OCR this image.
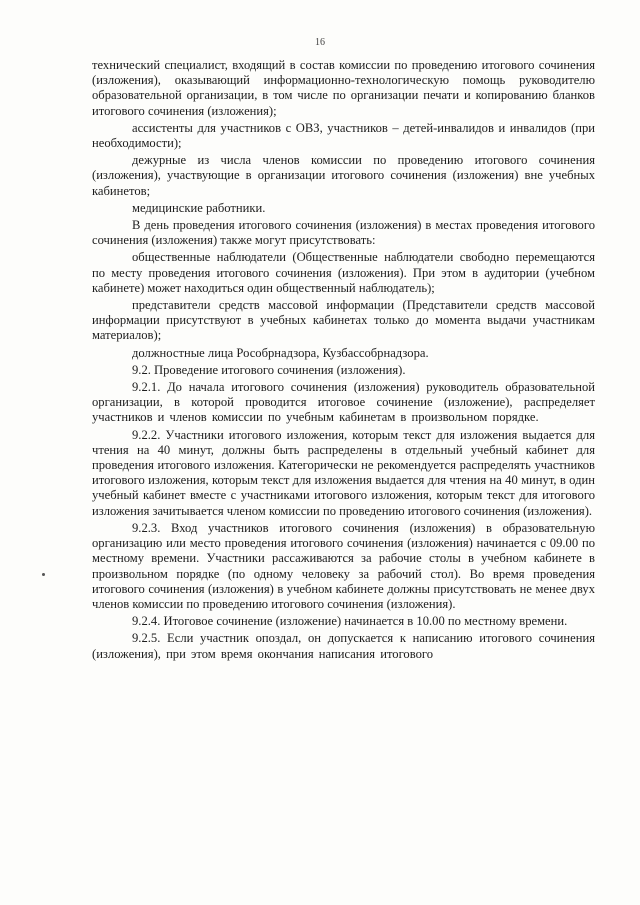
16

технический специалист, входящий в состав комиссии по проведению итогового сочинения (изложения), оказывающий информационно-технологическую помощь руководителю образовательной организации, в том числе по организации печати и копированию бланков итогового сочинения (изложения);

ассистенты для участников с ОВЗ, участников – детей-инвалидов и инвалидов (при необходимости);

дежурные из числа членов комиссии по проведению итогового сочинения (изложения), участвующие в организации итогового сочинения (изложения) вне учебных кабинетов;

медицинские работники.

В день проведения итогового сочинения (изложения) в местах проведения итогового сочинения (изложения) также могут присутствовать:

общественные наблюдатели (Общественные наблюдатели свободно перемещаются по месту проведения итогового сочинения (изложения). При этом в аудитории (учебном кабинете) может находиться один общественный наблюдатель);

представители средств массовой информации (Представители средств массовой информации присутствуют в учебных кабинетах только до момента выдачи участникам материалов);

должностные лица Рособрнадзора, Кузбассобрнадзора.

9.2. Проведение итогового сочинения (изложения).

9.2.1. До начала итогового сочинения (изложения) руководитель образовательной организации, в которой проводится итоговое сочинение (изложение), распределяет участников и членов комиссии по учебным кабинетам в произвольном порядке.

9.2.2. Участники итогового изложения, которым текст для изложения выдается для чтения на 40 минут, должны быть распределены в отдельный учебный кабинет для проведения итогового изложения. Категорически не рекомендуется распределять участников итогового изложения, которым текст для изложения выдается для чтения на 40 минут, в один учебный кабинет вместе с участниками итогового изложения, которым текст для итогового изложения зачитывается членом комиссии по проведению итогового сочинения (изложения).

9.2.3. Вход участников итогового сочинения (изложения) в образовательную организацию или место проведения итогового сочинения (изложения) начинается с 09.00 по местному времени. Участники рассаживаются за рабочие столы в учебном кабинете в произвольном порядке (по одному человеку за рабочий стол). Во время проведения итогового сочинения (изложения) в учебном кабинете должны присутствовать не менее двух членов комиссии по проведению итогового сочинения (изложения).

9.2.4. Итоговое сочинение (изложение) начинается в 10.00 по местному времени.

9.2.5. Если участник опоздал, он допускается к написанию итогового сочинения (изложения), при этом время окончания написания итогового
